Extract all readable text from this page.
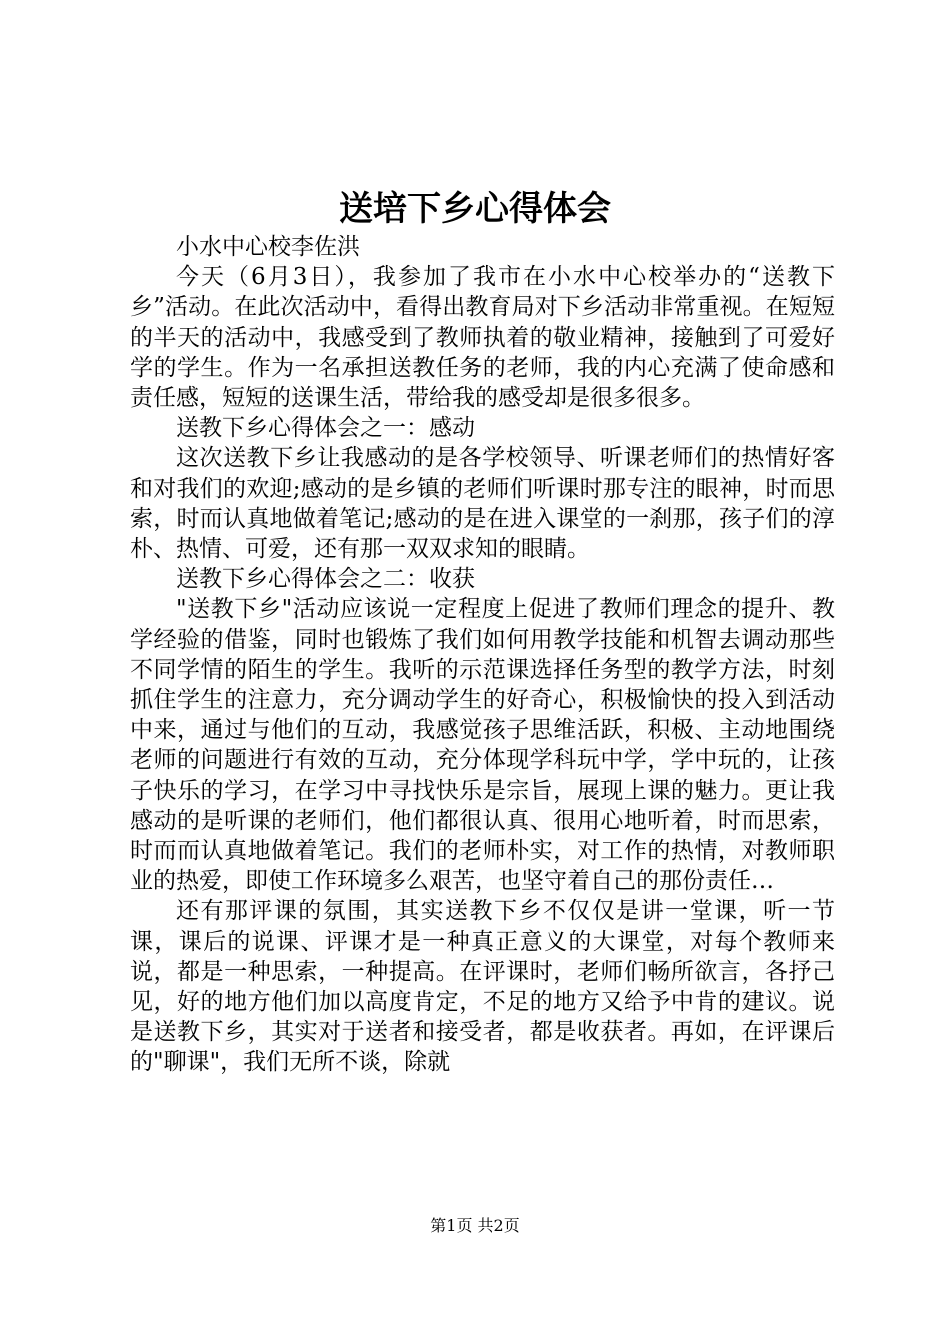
送培下乡心得体会

小水中心校李佐洪

今天（6月3日），我参加了我市在小水中心校举办的“送教下乡”活动。在此次活动中，看得出教育局对下乡活动非常重视。在短短的半天的活动中，我感受到了教师执着的敬业精神，接触到了可爱好学的学生。作为一名承担送教任务的老师，我的内心充满了使命感和责任感，短短的送课生活，带给我的感受却是很多很多。

送教下乡心得体会之一：感动

这次送教下乡让我感动的是各学校领导、听课老师们的热情好客和对我们的欢迎;感动的是乡镇的老师们听课时那专注的眼神，时而思索，时而认真地做着笔记;感动的是在进入课堂的一刹那，孩子们的淳朴、热情、可爱，还有那一双双求知的眼睛。

送教下乡心得体会之二：收获

"送教下乡"活动应该说一定程度上促进了教师们理念的提升、教学经验的借鉴，同时也锻炼了我们如何用教学技能和机智去调动那些不同学情的陌生的学生。我听的示范课选择任务型的教学方法，时刻抓住学生的注意力，充分调动学生的好奇心，积极愉快的投入到活动中来，通过与他们的互动，我感觉孩子思维活跃，积极、主动地围绕老师的问题进行有效的互动，充分体现学科玩中学，学中玩的，让孩子快乐的学习，在学习中寻找快乐是宗旨，展现上课的魅力。更让我感动的是听课的老师们，他们都很认真、很用心地听着，时而思索，时而而认真地做着笔记。我们的老师朴实，对工作的热情，对教师职业的热爱，即使工作环境多么艰苦，也坚守着自己的那份责任…

还有那评课的氛围，其实送教下乡不仅仅是讲一堂课，听一节课，课后的说课、评课才是一种真正意义的大课堂，对每个教师来说，都是一种思索，一种提高。在评课时，老师们畅所欲言，各抒己见，好的地方他们加以高度肯定，不足的地方又给予中肯的建议。说是送教下乡，其实对于送者和接受者，都是收获者。再如，在评课后的"聊课"，我们无所不谈，除就

第1页 共2页
